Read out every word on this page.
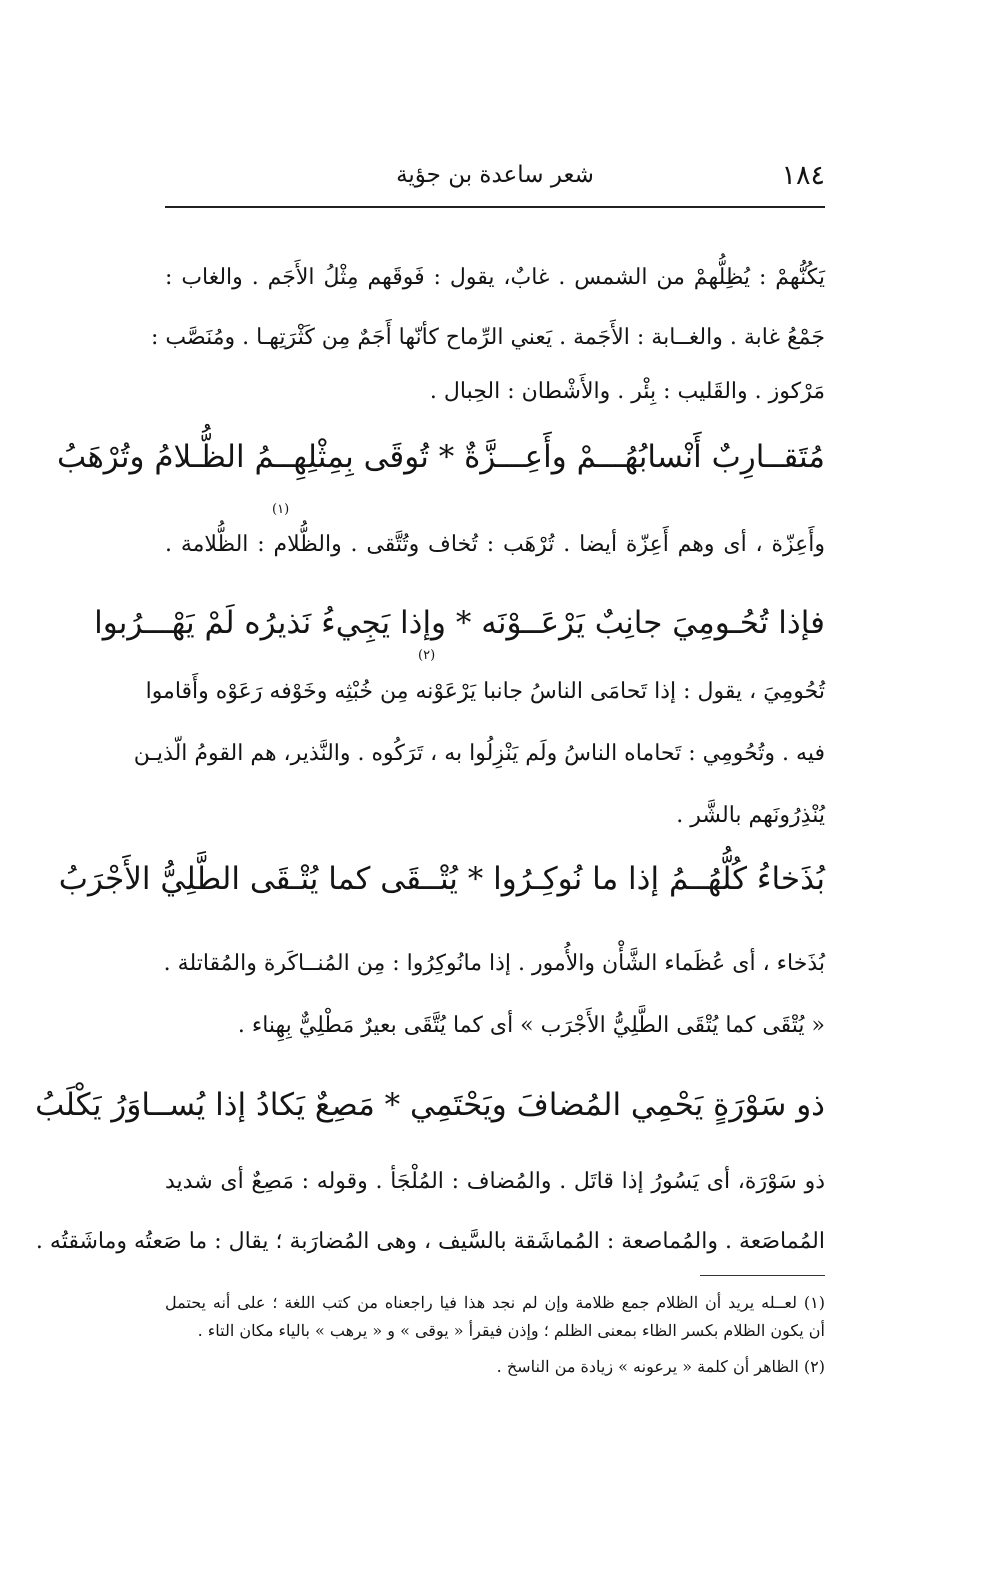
١٨٤
شعر ساعدة بن جؤية
يَكُنُّهمْ : يُظِلُّهمْ من الشمس . غابٌ، يقول : فَوقَهم مِثْلُ الأَجَم . والغاب :
جَمْعُ غابة . والغــابة : الأَجَمة . يَعني الرِّماح كأنّها أَجَمٌ مِن كَثْرَتِهـا . ومُنَصَّب :
مَرْكوز . والقَليب : بِئْر . والأَشْطان : الحِبال .
مُتَقــارِبٌ أَنْسابُهُـــمْ وأَعِـــزَّةٌ * تُوقَى بِمِثْلِهِــمُ الظُّـلامُ وتُرْهَبُ
(١)
وأَعِزّة ، أى وهم أَعِزّة أيضا . تُرْهَب : تُخاف وتُتَّقى . والظُّلام : الظُّلامة .
فإذا تُحُـومِيَ جانِبٌ يَرْعَــوْنَه * وإذا يَجِيءُ نَذيرُه لَمْ يَهْـــرُبوا
(٢)
تُحُومِيَ ، يقول : إذا تَحامَى الناسُ جانبا يَرْعَوْنه مِن خُبْثِه وخَوْفه رَعَوْه وأَقاموا
فيه . وتُحُومِي : تَحاماه الناسُ ولَم يَنْزِلُوا به ، تَرَكُوه . والنَّذير، هم القومُ الّذيـن
يُنْذِرُونَهم بالشَّر .
بُذَخاءُ كُلُّهُــمُ إذا ما نُوكِـرُوا * يُتْــقَى كما يُتْـقَى الطَّلِيُّ الأَجْرَبُ
بُذَخاء ، أى عُظَماء الشَّأْن والأُمور . إذا مانُوكِرُوا : مِن المُنــاكَرة والمُقاتلة .
« يُتْقَى كما يُتْقَى الطَّلِيُّ الأَجْرَب » أى كما يُتَّقَى بعيرٌ مَطْلِيٌّ بِهِناء .
ذو سَوْرَةٍ يَحْمِي المُضافَ ويَحْتَمِي * مَصِعٌ يَكادُ إذا يُســاوَرُ يَكْلَبُ
ذو سَوْرَة، أى يَسُورُ إذا قاتَل . والمُضاف : المُلْجَأ . وقوله : مَصِعٌ أى شديد
المُماصَعة . والمُماصعة : المُماشَقة بالسَّيف ، وهى المُضارَبة ؛ يقال : ما صَعتُه وماشَقتُه .
(١) لعــله يريد أن الظلام جمع ظلامة وإن لم نجد هذا فيا راجعناه من كتب اللغة ؛ على أنه يحتمل
أن يكون الظلام بكسر الظاء بمعنى الظلم ؛ وإذن فيقرأ « يوقى » و « يرهب » بالياء مكان التاء .
(٢) الظاهر أن كلمة « يرعونه » زيادة من الناسخ .
